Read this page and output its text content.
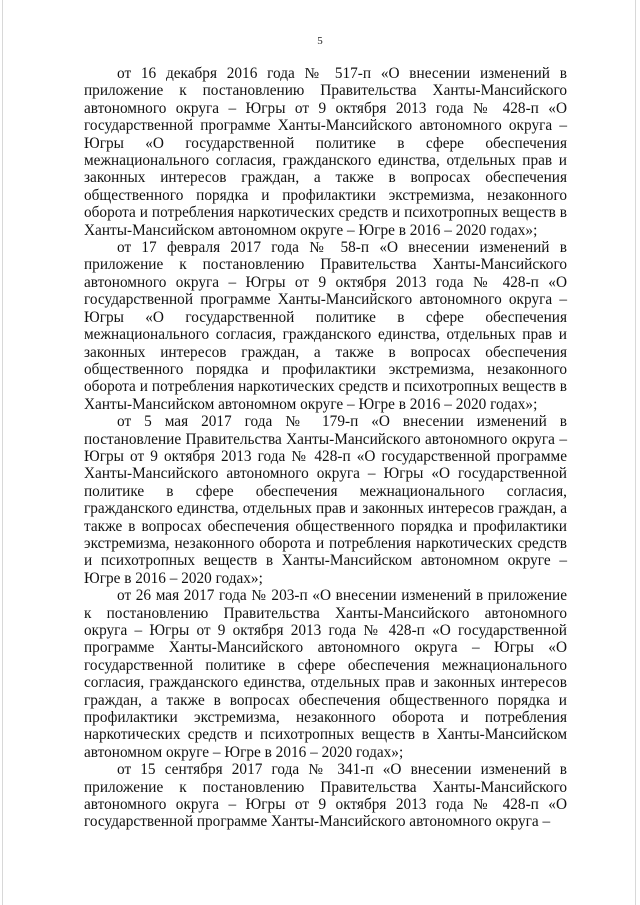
5

от 16 декабря 2016 года № 517-п «О внесении изменений в приложение к постановлению Правительства Ханты-Мансийского автономного округа – Югры от 9 октября 2013 года № 428-п «О государственной программе Ханты-Мансийского автономного округа – Югры «О государственной политике в сфере обеспечения межнационального согласия, гражданского единства, отдельных прав и законных интересов граждан, а также в вопросах обеспечения общественного порядка и профилактики экстремизма, незаконного оборота и потребления наркотических средств и психотропных веществ в Ханты-Мансийском автономном округе – Югре в 2016 – 2020 годах»;

от 17 февраля 2017 года № 58-п «О внесении изменений в приложение к постановлению Правительства Ханты-Мансийского автономного округа – Югры от 9 октября 2013 года № 428-п «О государственной программе Ханты-Мансийского автономного округа – Югры «О государственной политике в сфере обеспечения межнационального согласия, гражданского единства, отдельных прав и законных интересов граждан, а также в вопросах обеспечения общественного порядка и профилактики экстремизма, незаконного оборота и потребления наркотических средств и психотропных веществ в Ханты-Мансийском автономном округе – Югре в 2016 – 2020 годах»;

от 5 мая 2017 года № 179-п «О внесении изменений в постановление Правительства Ханты-Мансийского автономного округа – Югры от 9 октября 2013 года № 428-п «О государственной программе Ханты-Мансийского автономного округа – Югры «О государственной политике в сфере обеспечения межнационального согласия, гражданского единства, отдельных прав и законных интересов граждан, а также в вопросах обеспечения общественного порядка и профилактики экстремизма, незаконного оборота и потребления наркотических средств и психотропных веществ в Ханты-Мансийском автономном округе – Югре в 2016 – 2020 годах»;

от 26 мая 2017 года № 203-п «О внесении изменений в приложение к постановлению Правительства Ханты-Мансийского автономного округа – Югры от 9 октября 2013 года № 428-п «О государственной программе Ханты-Мансийского автономного округа – Югры «О государственной политике в сфере обеспечения межнационального согласия, гражданского единства, отдельных прав и законных интересов граждан, а также в вопросах обеспечения общественного порядка и профилактики экстремизма, незаконного оборота и потребления наркотических средств и психотропных веществ в Ханты-Мансийском автономном округе – Югре в 2016 – 2020 годах»;

от 15 сентября 2017 года № 341-п «О внесении изменений в приложение к постановлению Правительства Ханты-Мансийского автономного округа – Югры от 9 октября 2013 года № 428-п «О государственной программе Ханты-Мансийского автономного округа –
